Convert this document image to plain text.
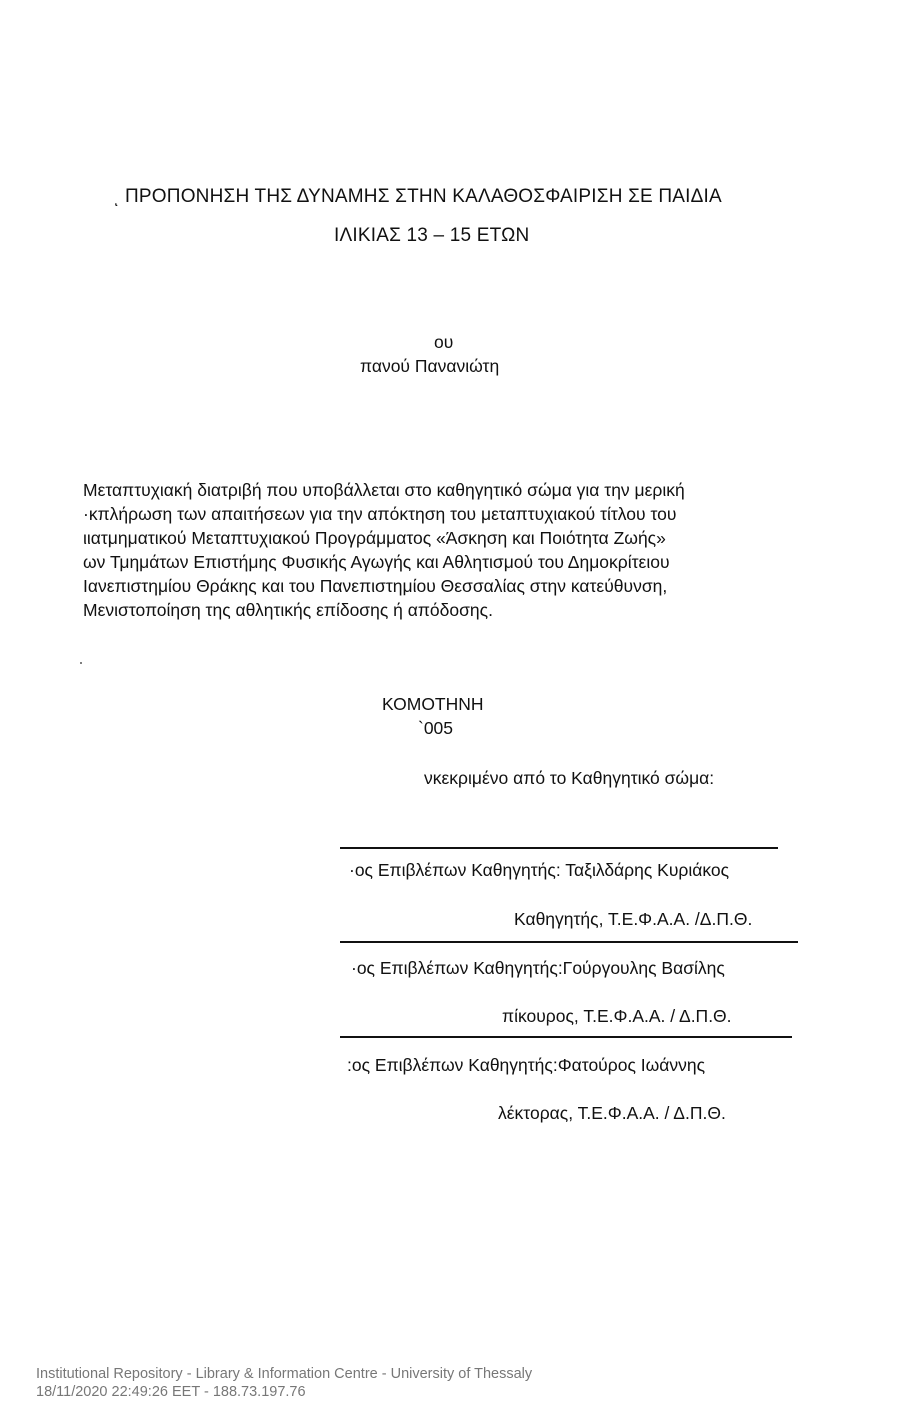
ͺ ΠΡΟΠΟΝΗΣΗ ΤΗΣ ΔΥΝΑΜΗΣ ΣΤΗΝ ΚΑΛΑΘΟΣΦΑΙΡΙΣΗ ΣΕ ΠΑΙΔΙΑ
ΙΛΙΚΙΑΣ 13 – 15 ΕΤΩΝ
ου
πανού Πανανιώτη
Μεταπτυχιακή διατριβή που υποβάλλεται στο καθηγητικό σώμα για την μερική
·κπλήρωση των απαιτήσεων για την απόκτηση του μεταπτυχιακού τίτλου του
ιιατμηματικού Μεταπτυχιακού Προγράμματος «Άσκηση και Ποιότητα Ζωής»
ων Τμημάτων Επιστήμης Φυσικής Αγωγής και Αθλητισμού του Δημοκρίτειου
Ιανεπιστημίου Θράκης και του Πανεπιστημίου Θεσσαλίας στην κατεύθυνση,
Μενιστοποίηση της αθλητικής επίδοσης ή απόδοσης.
ΚΟΜΟΤΗΝΗ
`005
νκεκριμένο από το Καθηγητικό σώμα:
·ος Επιβλέπων Καθηγητής: Ταξιλδάρης Κυριάκος
Καθηγητής, Τ.Ε.Φ.Α.Α. /Δ.Π.Θ.
·ος Επιβλέπων Καθηγητής:Γούργουλης Βασίλης
πίκουρος, Τ.Ε.Φ.Α.Α. / Δ.Π.Θ.
:ος Επιβλέπων Καθηγητής:Φατούρος Ιωάννης
λέκτορας, Τ.Ε.Φ.Α.Α. / Δ.Π.Θ.
Institutional Repository - Library & Information Centre - University of Thessaly
18/11/2020 22:49:26 EET - 188.73.197.76
